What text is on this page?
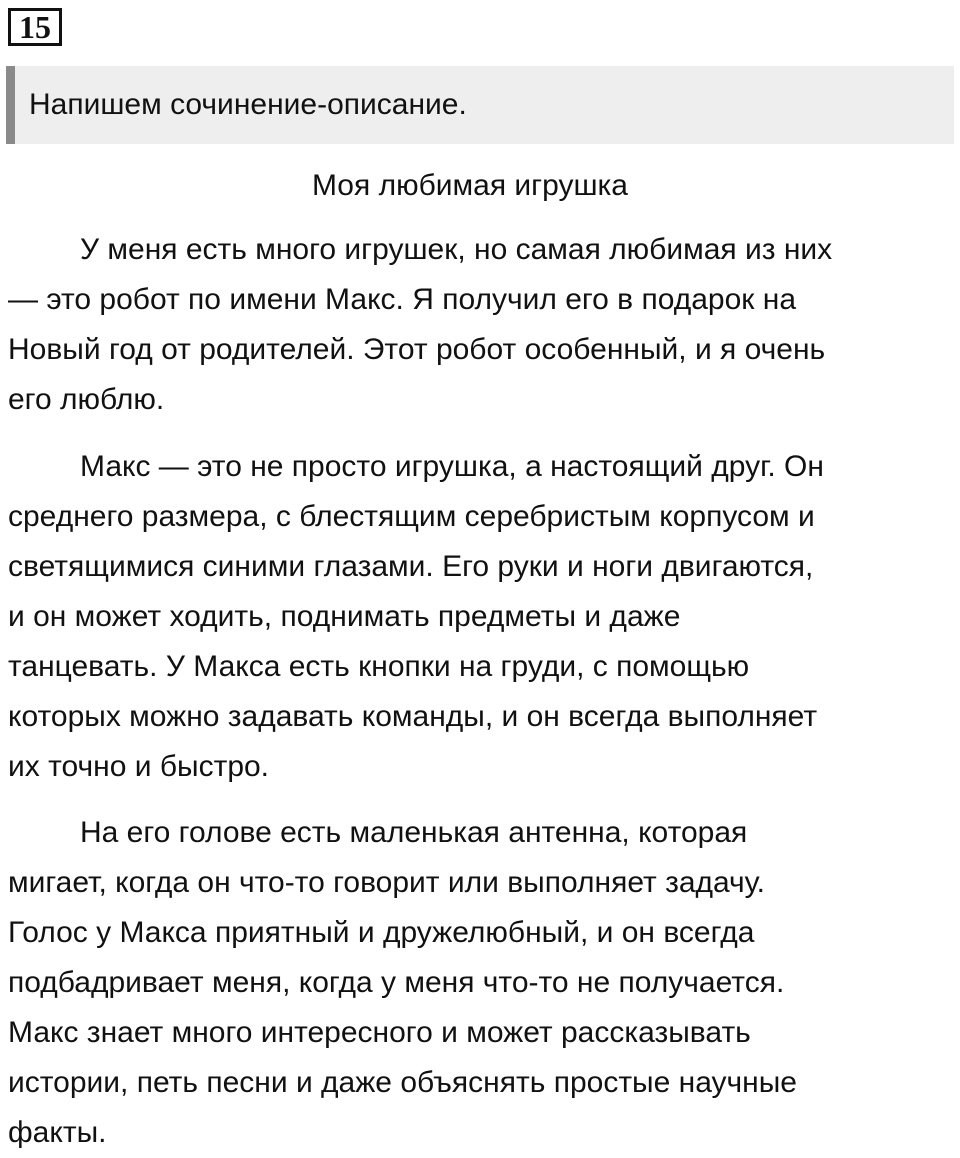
15
Напишем сочинение-описание.
Моя любимая игрушка
У меня есть много игрушек, но самая любимая из них
— это робот по имени Макс. Я получил его в подарок на
Новый год от родителей. Этот робот особенный, и я очень
его люблю.
Макс — это не просто игрушка, а настоящий друг. Он
среднего размера, с блестящим серебристым корпусом и
светящимися синими глазами. Его руки и ноги двигаются,
и он может ходить, поднимать предметы и даже
танцевать. У Макса есть кнопки на груди, с помощью
которых можно задавать команды, и он всегда выполняет
их точно и быстро.
На его голове есть маленькая антенна, которая
мигает, когда он что-то говорит или выполняет задачу.
Голос у Макса приятный и дружелюбный, и он всегда
подбадривает меня, когда у меня что-то не получается.
Макс знает много интересного и может рассказывать
истории, петь песни и даже объяснять простые научные
факты.
